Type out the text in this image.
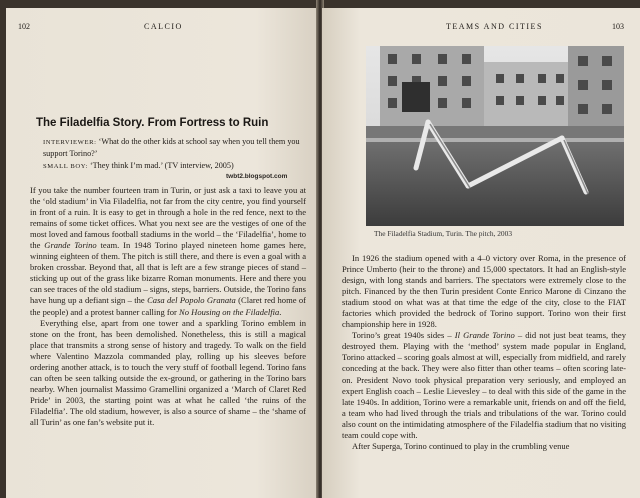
102	CALCIO
The Filadelfia Story. From Fortress to Ruin
INTERVIEWER: ‘What do the other kids at school say when you tell them you support Torino?’
SMALL BOY: ‘They think I’m mad.’ (TV interview, 2005)
twbt2.blogspot.com

If you take the number fourteen tram in Turin, or just ask a taxi to leave you at the ‘old stadium’ in Via Filadelfia, not far from the city centre, you find yourself in front of a ruin. It is easy to get in through a hole in the red fence, next to the remains of some ticket offices. What you next see are the vestiges of one of the most loved and famous football stadiums in the world – the ‘Filadelfia’, home to the Grande Torino team. In 1948 Torino played nineteen home games here, winning eighteen of them. The pitch is still there, and there is even a goal with a broken crossbar. Beyond that, all that is left are a few strange pieces of stand – sticking up out of the grass like bizarre Roman monuments. Here and there you can see traces of the old stadium – signs, steps, barriers. Outside, the Torino fans have hung up a defiant sign – the Casa del Popolo Granata (Claret red home of the people) and a protest banner calling for No Housing on the Filadelfia.

Everything else, apart from one tower and a sparkling Torino emblem in stone on the front, has been demolished. Nonetheless, this is still a magical place that transmits a strong sense of history and tragedy. To walk on the field where Valentino Mazzola commanded play, rolling up his sleeves before ordering another attack, is to touch the very stuff of football legend. Torino fans can often be seen talking outside the ex-ground, or gathering in the Torino bars nearby. When journalist Massimo Gramellini organized a ‘March of Claret Red Pride’ in 2003, the starting point was at what he called ‘the ruins of the Filadelfia’. The old stadium, however, is also a source of shame – the ‘shame of all Turin’ as one fan’s website put it.

TEAMS AND CITIES	103
The Filadelfia Stadium, Turin. The pitch, 2003

In 1926 the stadium opened with a 4–0 victory over Roma, in the presence of Prince Umberto (heir to the throne) and 15,000 spectators. It had an English-style design, with long stands and barriers. The spectators were extremely close to the pitch. Financed by the then Turin president Conte Enrico Marone di Cinzano the stadium stood on what was at that time the edge of the city, close to the FIAT factories which provided the bedrock of Torino support. Torino won their first championship here in 1928.

Torino’s great 1940s sides – Il Grande Torino – did not just beat teams, they destroyed them. Playing with the ‘method’ system made popular in England, Torino attacked – scoring goals almost at will, especially from midfield, and rarely conceding at the back. They were also fitter than other teams – often scoring late-on. President Novo took physical preparation very seriously, and employed an expert English coach – Leslie Lievesley – to deal with this side of the game in the late 1940s. In addition, Torino were a remarkable unit, friends on and off the field, a team who had lived through the trials and tribulations of the war. Torino could also count on the intimidating atmosphere of the Filadelfia stadium that no visiting team could cope with.

After Superga, Torino continued to play in the crumbling venue
